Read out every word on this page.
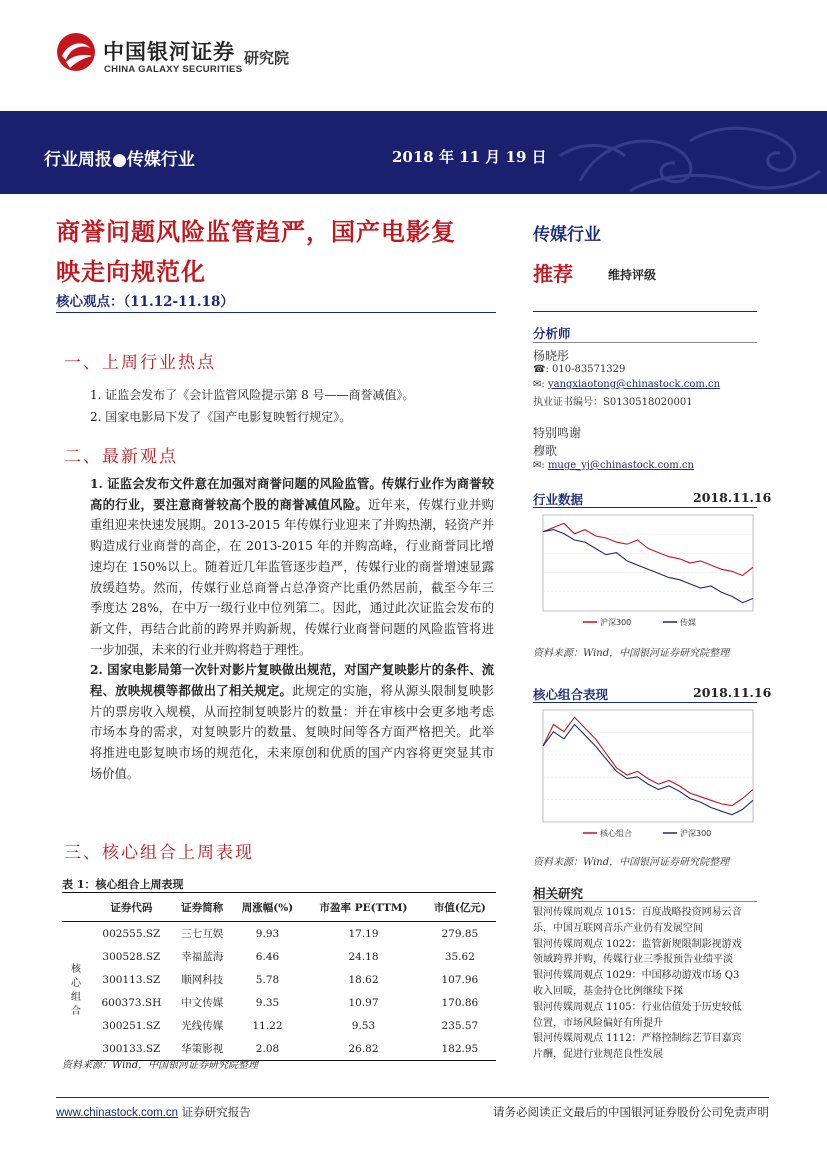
中国银河证券
CHINA GALAXY SECURITIES
研究院
行业周报●传媒行业	2018 年 11 月 19 日
商誉问题风险监管趋严，国产电影复
映走向规范化
核心观点：（11.12-11.18）
传媒行业
推荐	维持评级
一、上周行业热点
1. 证监会发布了《会计监管风险提示第 8 号——商誉减值》。
2. 国家电影局下发了《国产电影复映暂行规定》。
二、最新观点

1. 证监会发布文件意在加强对商誉问题的风险监管。传媒行业作为商誉较高的行业，要注意商誉较高个股的商誉减值风险。近年来，传媒行业并购重组迎来快速发展期。2013-2015 年传媒行业迎来了并购热潮，轻资产并购造成行业商誉的高企，在 2013-2015 年的并购高峰，行业商誉同比增速均在 150%以上。随着近几年监管逐步趋严，传媒行业的商誉增速显露放缓趋势。然而，传媒行业总商誉占总净资产比重仍然居前，截至今年三季度达 28%，在中万一级行业中位列第二。因此，通过此次证监会发布的新文件，再结合此前的跨界并购新规，传媒行业商誉问题的风险监管将进一步加强，未来的行业并购将趋于理性。

2. 国家电影局第一次针对影片复映做出规范，对国产复映影片的条件、流程、放映规模等都做出了相关规定。此规定的实施，将从源头限制复映影片的票房收入规模，从而控制复映影片的数量：并在审核中会更多地考虑市场本身的需求，对复映影片的数量、复映时间等各方面严格把关。此举将推进电影复映市场的规范化，未来原创和优质的国产内容将更突显其市场价值。

三、核心组合上周表现
表 1：核心组合上周表现
	证券代码	证券简称	周涨幅(%)	市盈率 PE(TTM)	市值(亿元)

核
心
组
合	002555.SZ	三七互娱	9.93	17.19	279.85
	300528.SZ	幸福蓝海	6.46	24.18	35.62
	300113.SZ	顺网科技	5.78	18.62	107.96
	600373.SH	中文传媒	9.35	10.97	170.86
	300251.SZ	光线传媒	11.22	9.53	235.57
	300133.SZ	华策影视	2.08	26.82	182.95
资料来源：Wind，中国银河证券研究院整理
分析师
杨晓彤
☎: 010-83571329
✉: yangxiaotong@chinastock.com.cn
执业证书编号：S0130518020001
特别鸣谢
穆歌
✉: muge_yj@chinastock.com.cn
行业数据	2018.11.16
沪深300	传媒
资料来源：Wind，中国银河证券研究院整理
核心组合表现	2018.11.16
核心组合	沪深300
资料来源：Wind，中国银河证券研究院整理
相关研究
银河传媒周观点 1015：百度战略投资网易云音
乐，中国互联网音乐产业仍有发展空间
银河传媒周观点 1022：监管新规限制影视游戏
领域跨界并购，传媒行业三季报预告业绩平淡
银河传媒周观点 1029：中国移动游戏市场 Q3
收入回暖，基金持仓比例继续下探
银河传媒周观点 1105：行业估值处于历史较低
位置，市场风险偏好有所提升
银河传媒周观点 1112：严格控制综艺节目嘉宾
片酬，促进行业规范良性发展
www.chinastock.com.cn 证券研究报告	请务必阅读正文最后的中国银河证券股份公司免责声明
